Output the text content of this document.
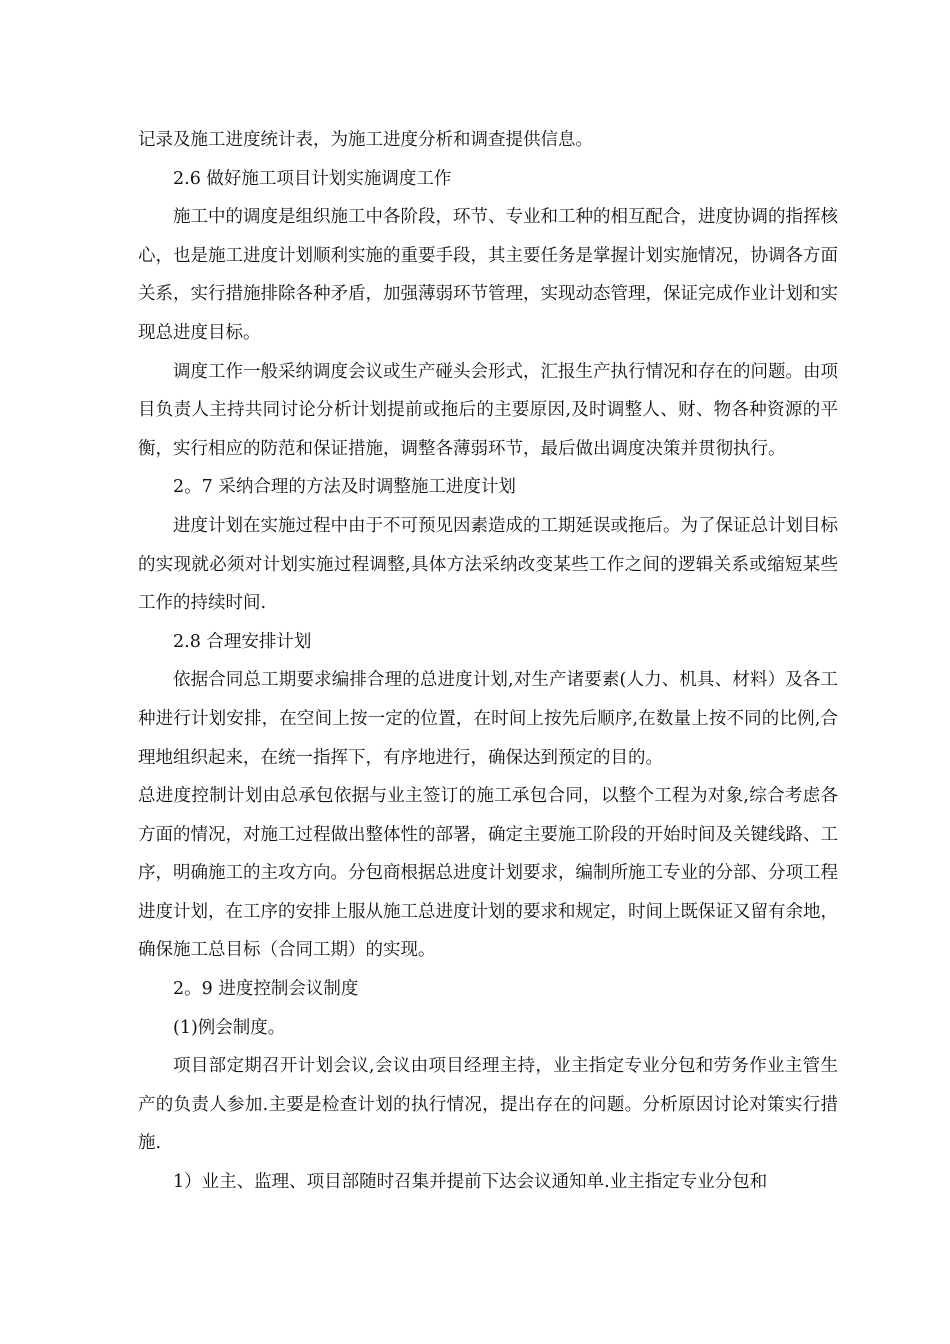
记录及施工进度统计表，为施工进度分析和调查提供信息。

2.6 做好施工项目计划实施调度工作

施工中的调度是组织施工中各阶段，环节、专业和工种的相互配合，进度协调的指挥核心，也是施工进度计划顺利实施的重要手段，其主要任务是掌握计划实施情况，协调各方面关系，实行措施排除各种矛盾，加强薄弱环节管理，实现动态管理，保证完成作业计划和实现总进度目标。

调度工作一般采纳调度会议或生产碰头会形式，汇报生产执行情况和存在的问题。由项目负责人主持共同讨论分析计划提前或拖后的主要原因,及时调整人、财、物各种资源的平衡，实行相应的防范和保证措施，调整各薄弱环节，最后做出调度决策并贯彻执行。

2。7 采纳合理的方法及时调整施工进度计划

进度计划在实施过程中由于不可预见因素造成的工期延误或拖后。为了保证总计划目标的实现就必须对计划实施过程调整,具体方法采纳改变某些工作之间的逻辑关系或缩短某些工作的持续时间.

2.8 合理安排计划

依据合同总工期要求编排合理的总进度计划,对生产诸要素(人力、机具、材料）及各工种进行计划安排，在空间上按一定的位置，在时间上按先后顺序,在数量上按不同的比例,合理地组织起来，在统一指挥下，有序地进行，确保达到预定的目的。

总进度控制计划由总承包依据与业主签订的施工承包合同，以整个工程为对象,综合考虑各方面的情况，对施工过程做出整体性的部署，确定主要施工阶段的开始时间及关键线路、工序，明确施工的主攻方向。分包商根据总进度计划要求，编制所施工专业的分部、分项工程进度计划，在工序的安排上服从施工总进度计划的要求和规定，时间上既保证又留有余地，确保施工总目标（合同工期）的实现。

2。9 进度控制会议制度

(1)例会制度。

项目部定期召开计划会议,会议由项目经理主持，业主指定专业分包和劳务作业主管生产的负责人参加.主要是检查计划的执行情况，提出存在的问题。分析原因讨论对策实行措施.

1）业主、监理、项目部随时召集并提前下达会议通知单.业主指定专业分包和
